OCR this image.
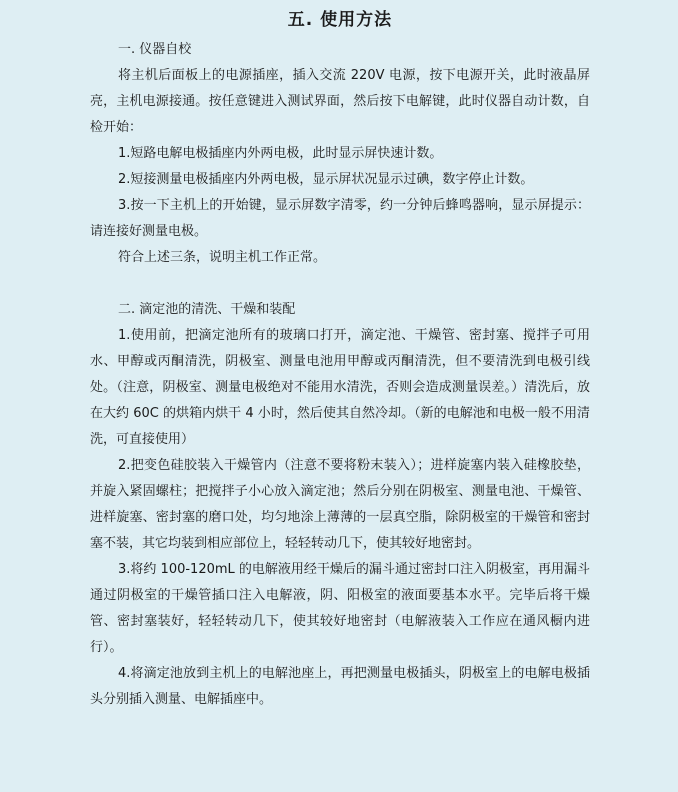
五. 使用方法

一. 仪器自校

将主机后面板上的电源插座，插入交流 220V 电源，按下电源开关，此时液晶屏亮，主机电源接通。按任意键进入测试界面，然后按下电解键，此时仪器自动计数，自检开始：

1.短路电解电极插座内外两电极，此时显示屏快速计数。

2.短接测量电极插座内外两电极，显示屏状况显示过碘，数字停止计数。

3.按一下主机上的开始键，显示屏数字清零，约一分钟后蜂鸣器响，显示屏提示：请连接好测量电极。

符合上述三条，说明主机工作正常。

二. 滴定池的清洗、干燥和装配

1.使用前，把滴定池所有的玻璃口打开，滴定池、干燥管、密封塞、搅拌子可用水、甲醇或丙酮清洗，阴极室、测量电池用甲醇或丙酮清洗，但不要清洗到电极引线处。（注意，阴极室、测量电极绝对不能用水清洗，否则会造成测量误差。）清洗后，放在大约 60C 的烘箱内烘干 4 小时，然后使其自然冷却。（新的电解池和电极一般不用清洗，可直接使用）

2.把变色硅胶装入干燥管内（注意不要将粉末装入）；进样旋塞内装入硅橡胶垫，并旋入紧固螺柱；把搅拌子小心放入滴定池；然后分别在阴极室、测量电池、干燥管、进样旋塞、密封塞的磨口处，均匀地涂上薄薄的一层真空脂，除阴极室的干燥管和密封塞不装，其它均装到相应部位上，轻轻转动几下，使其较好地密封。

3.将约 100-120mL 的电解液用经干燥后的漏斗通过密封口注入阴极室，再用漏斗通过阴极室的干燥管插口注入电解液，阴、阳极室的液面要基本水平。完毕后将干燥管、密封塞装好，轻轻转动几下，使其较好地密封（电解液装入工作应在通风橱内进行）。

4.将滴定池放到主机上的电解池座上，再把测量电极插头，阴极室上的电解电极插头分别插入测量、电解插座中。
